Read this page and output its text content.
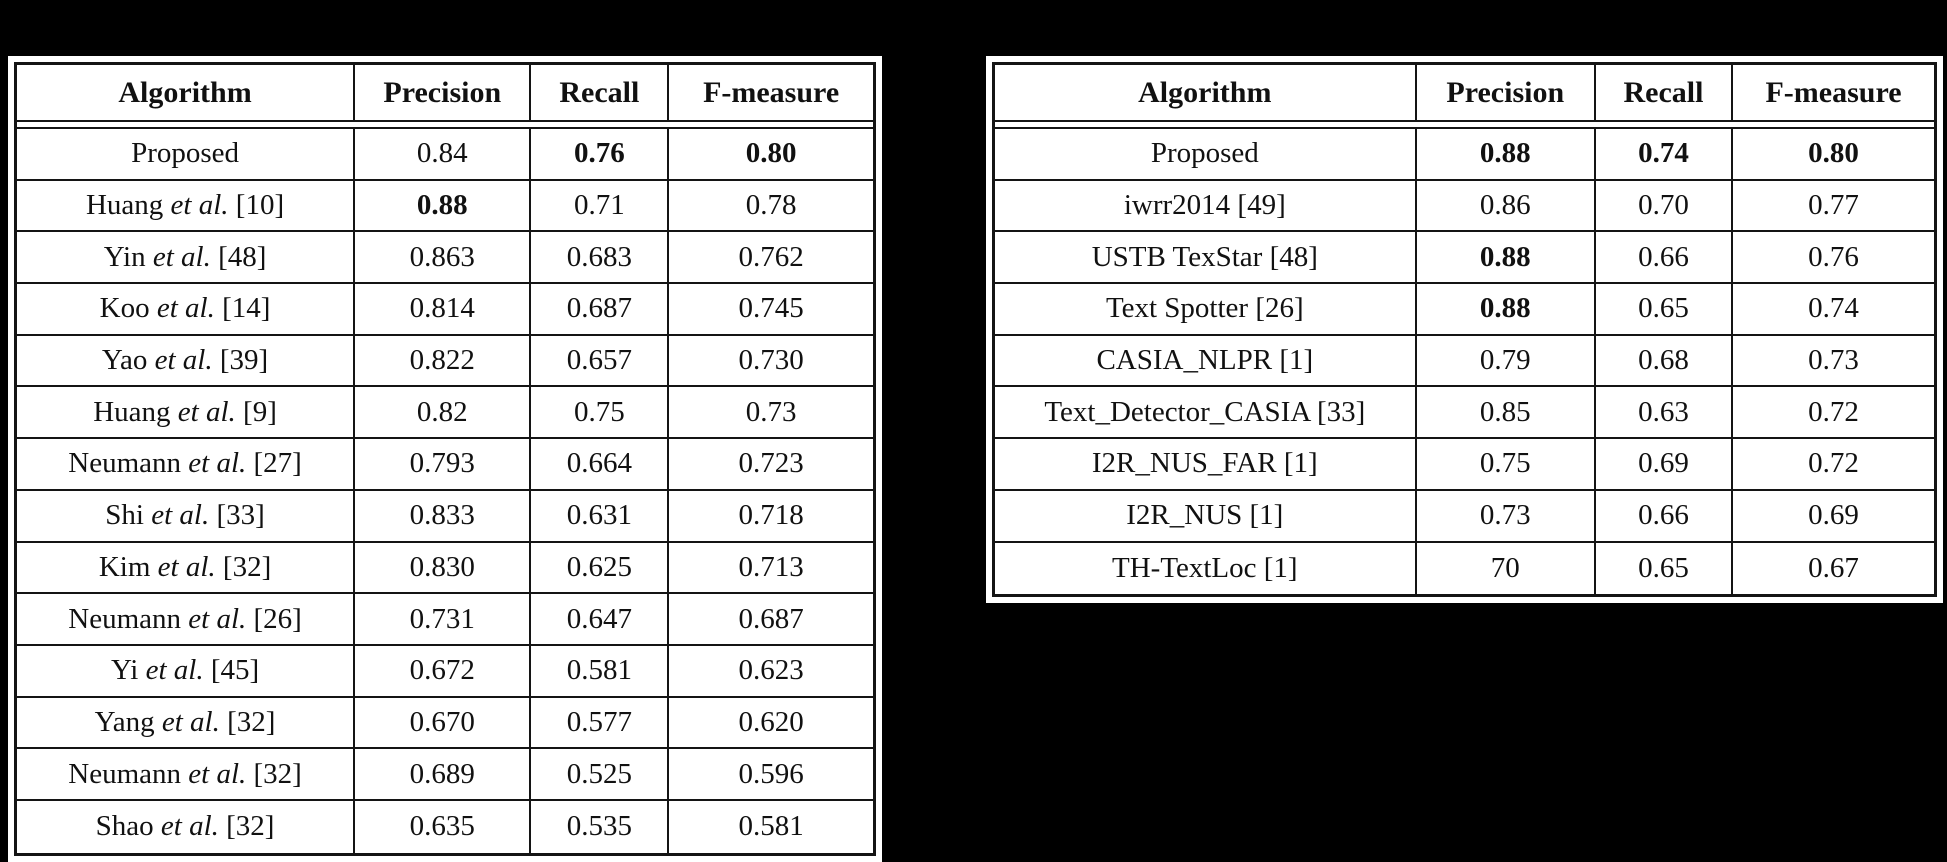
Algorithm	Precision	Recall	F-measure
Proposed	0.84	0.76	0.80
Huang et al. [10]	0.88	0.71	0.78
Yin et al. [48]	0.863	0.683	0.762
Koo et al. [14]	0.814	0.687	0.745
Yao et al. [39]	0.822	0.657	0.730
Huang et al. [9]	0.82	0.75	0.73
Neumann et al. [27]	0.793	0.664	0.723
Shi et al. [33]	0.833	0.631	0.718
Kim et al. [32]	0.830	0.625	0.713
Neumann et al. [26]	0.731	0.647	0.687
Yi et al. [45]	0.672	0.581	0.623
Yang et al. [32]	0.670	0.577	0.620
Neumann et al. [32]	0.689	0.525	0.596
Shao et al. [32]	0.635	0.535	0.581
Algorithm	Precision	Recall	F-measure
Proposed	0.88	0.74	0.80
iwrr2014 [49]	0.86	0.70	0.77
USTB TexStar [48]	0.88	0.66	0.76
Text Spotter [26]	0.88	0.65	0.74
CASIA_NLPR [1]	0.79	0.68	0.73
Text_Detector_CASIA [33]	0.85	0.63	0.72
I2R_NUS_FAR [1]	0.75	0.69	0.72
I2R_NUS [1]	0.73	0.66	0.69
TH-TextLoc [1]	70	0.65	0.67
